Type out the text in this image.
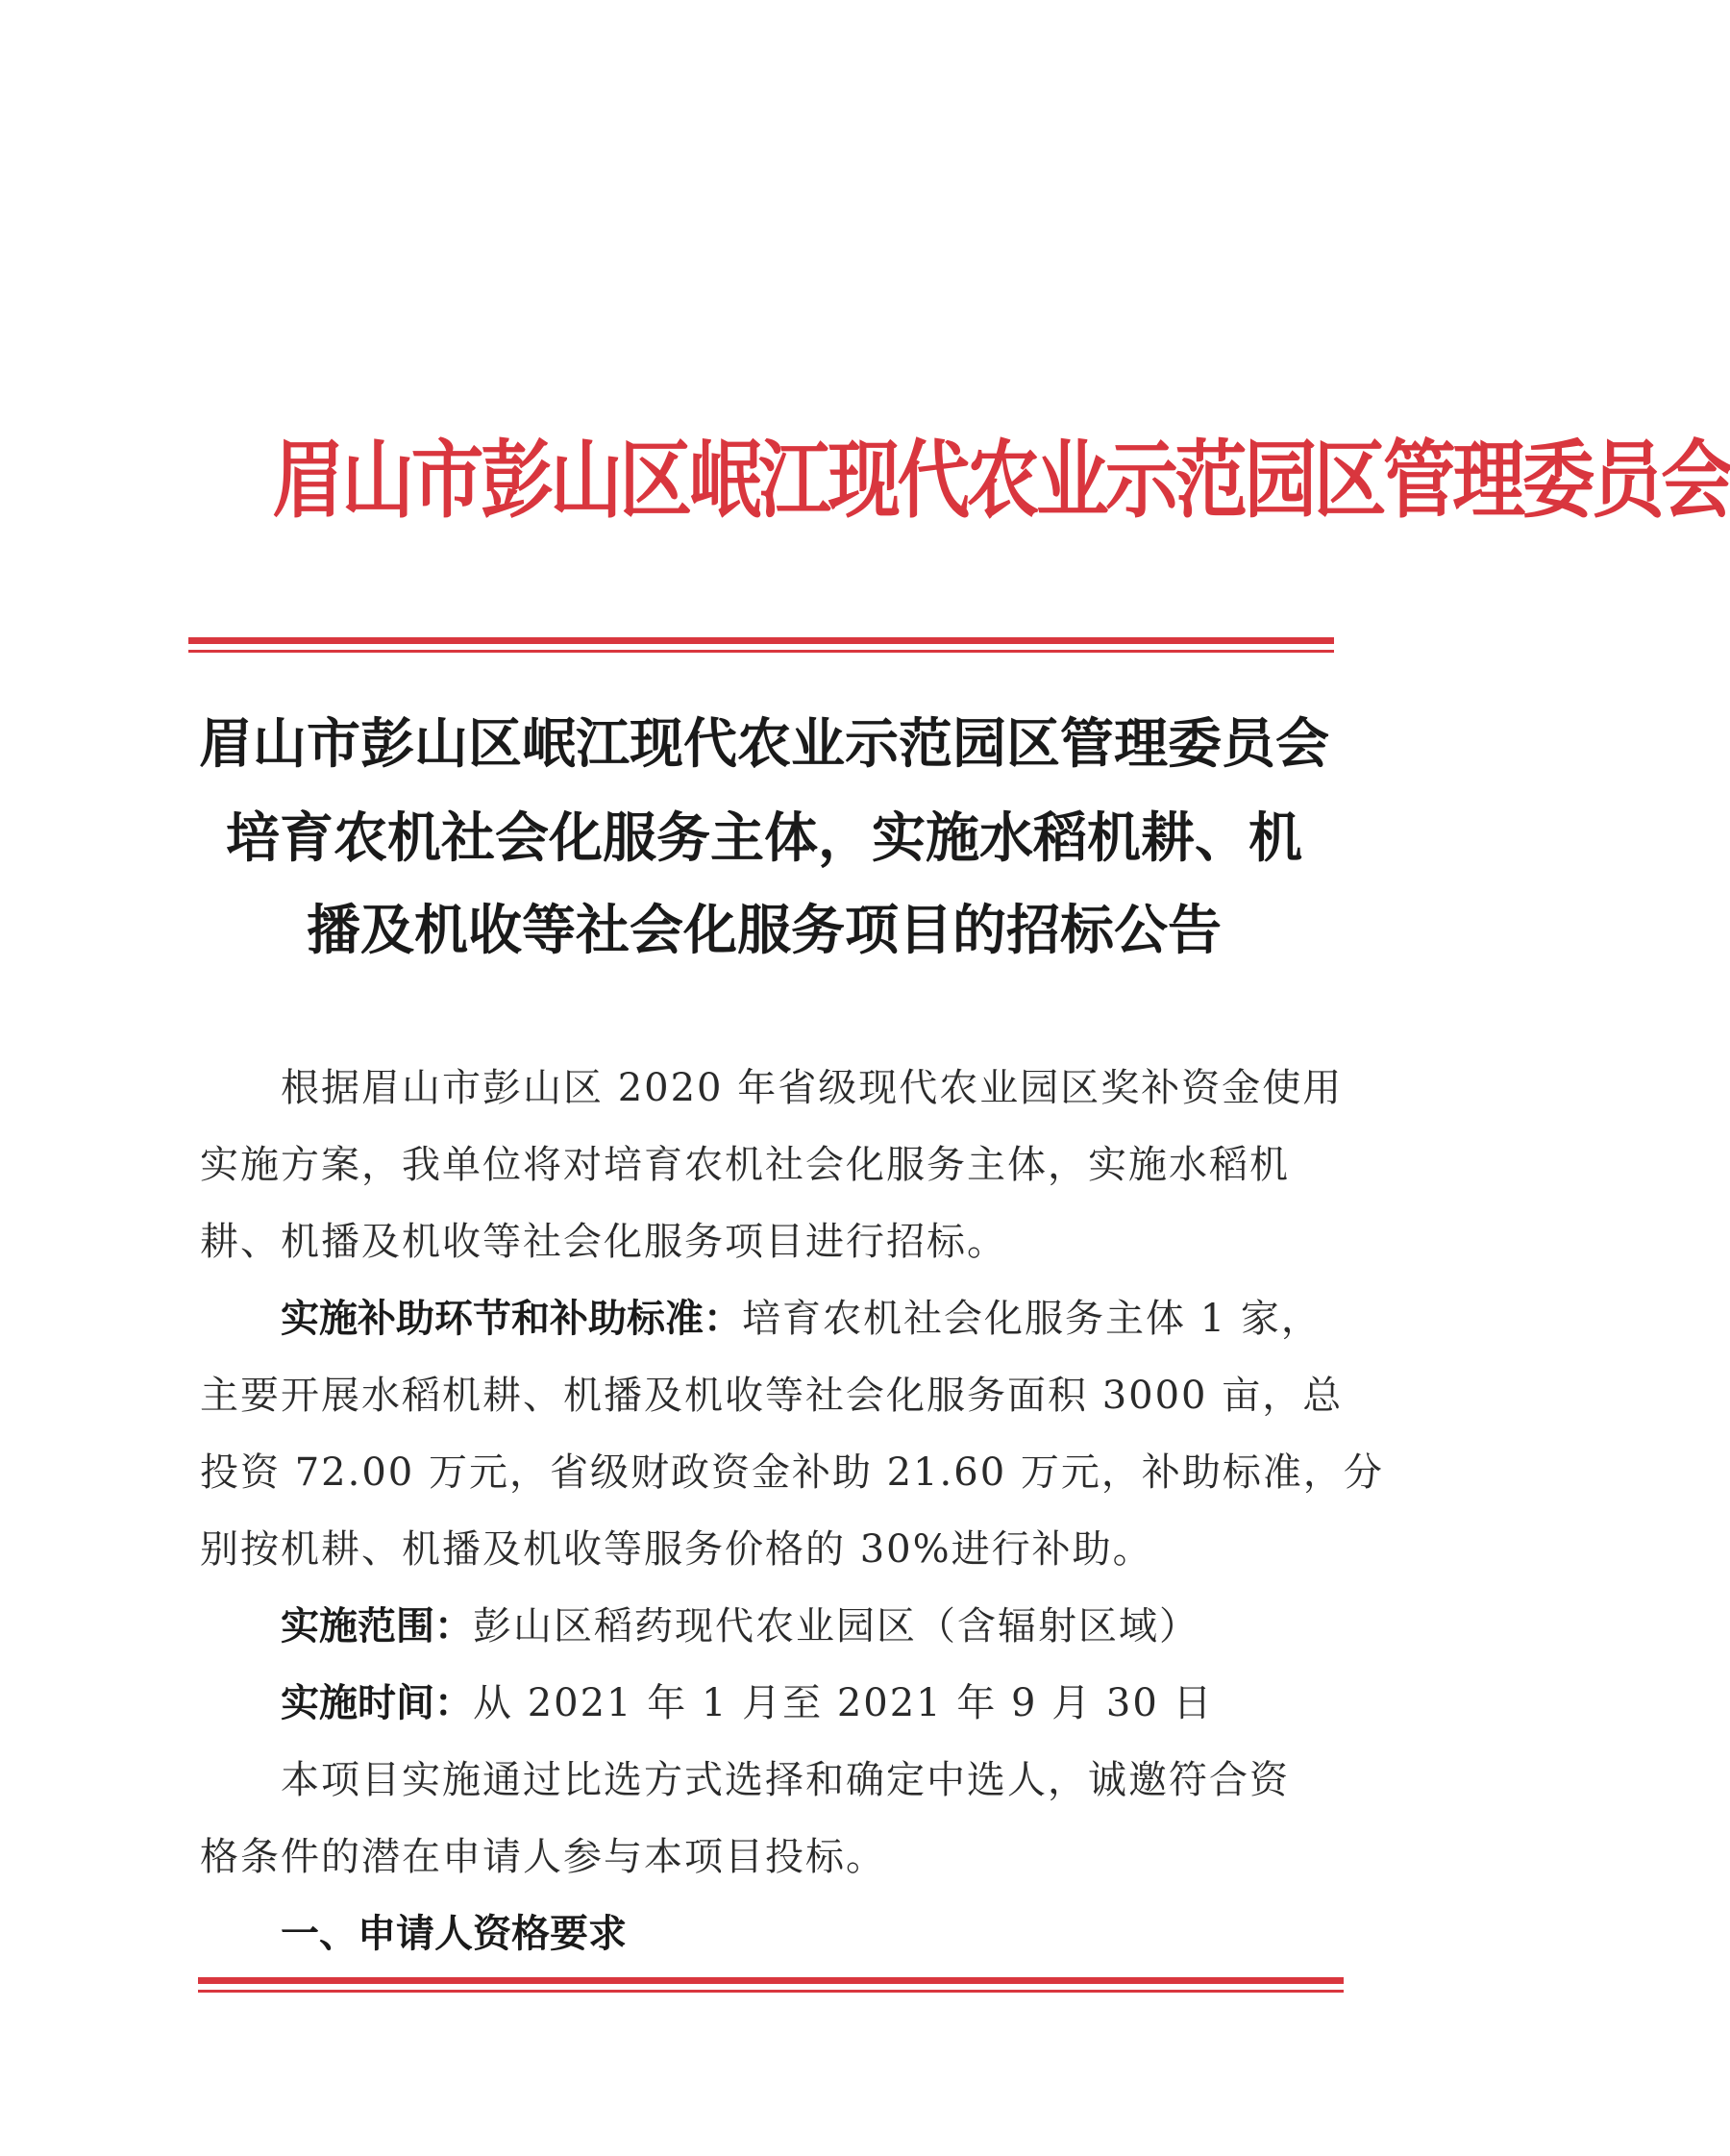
眉山市彭山区岷江现代农业示范园区管理委员会
眉山市彭山区岷江现代农业示范园区管理委员会
培育农机社会化服务主体，实施水稻机耕、机
播及机收等社会化服务项目的招标公告
根据眉山市彭山区 2020 年省级现代农业园区奖补资金使用
实施方案，我单位将对培育农机社会化服务主体，实施水稻机
耕、机播及机收等社会化服务项目进行招标。
实施补助环节和补助标准：培育农机社会化服务主体 1 家，
主要开展水稻机耕、机播及机收等社会化服务面积 3000 亩，总
投资 72.00 万元，省级财政资金补助 21.60 万元，补助标准，分
别按机耕、机播及机收等服务价格的 30%进行补助。
实施范围：彭山区稻药现代农业园区（含辐射区域）
实施时间：从 2021 年 1 月至 2021 年 9 月 30 日
本项目实施通过比选方式选择和确定中选人，诚邀符合资
格条件的潜在申请人参与本项目投标。
一、申请人资格要求
